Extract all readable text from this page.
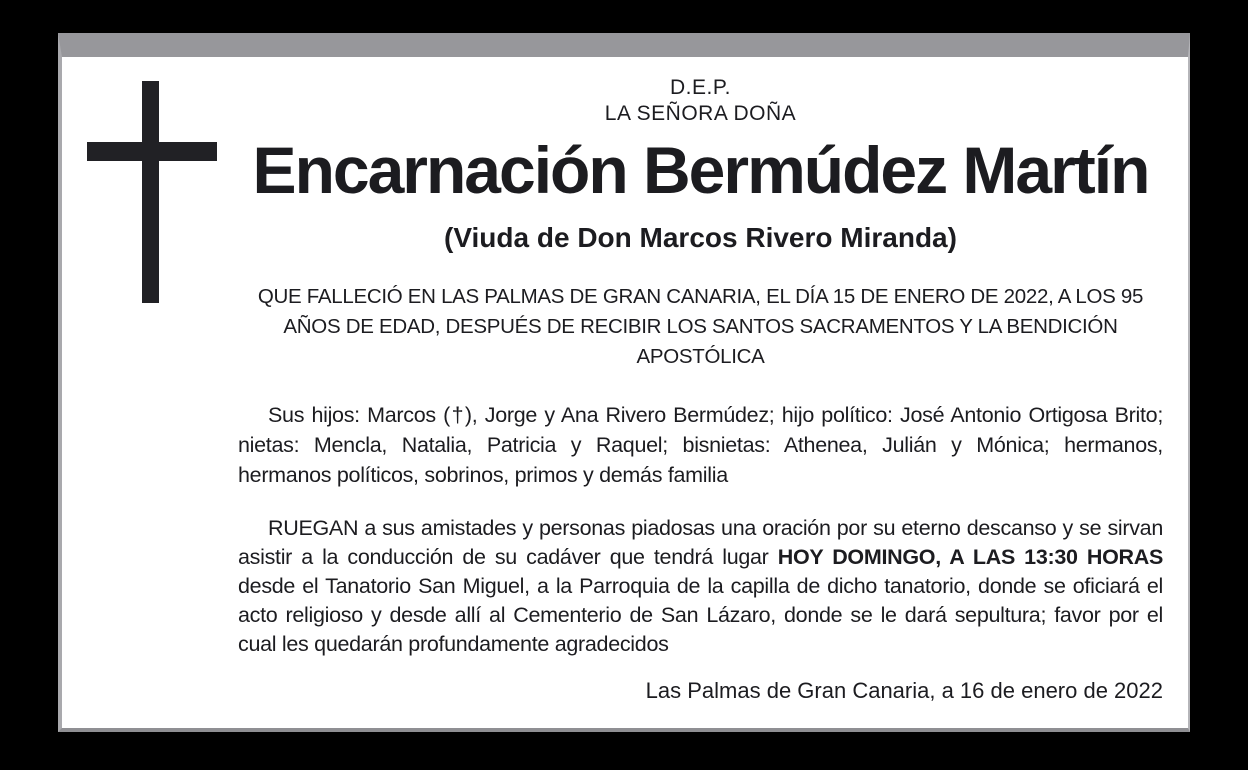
D.E.P.
LA SEÑORA DOÑA
Encarnación Bermúdez Martín
(Viuda de Don Marcos Rivero Miranda)

QUE FALLECIÓ EN LAS PALMAS DE GRAN CANARIA, EL DÍA 15 DE ENERO DE 2022, A LOS 95 AÑOS DE EDAD, DESPUÉS DE RECIBIR LOS SANTOS SACRAMENTOS Y LA BENDICIÓN APOSTÓLICA

Sus hijos: Marcos (†), Jorge y Ana Rivero Bermúdez; hijo político: José Antonio Ortigosa Brito; nietas: Mencla, Natalia, Patricia y Raquel; bisnietas: Athenea, Julián y Mónica; hermanos, hermanos políticos, sobrinos, primos y demás familia

RUEGAN a sus amistades y personas piadosas una oración por su eterno descanso y se sirvan asistir a la conducción de su cadáver que tendrá lugar HOY DOMINGO, A LAS 13:30 HORAS desde el Tanatorio San Miguel, a la Parroquia de la capilla de dicho tanatorio, donde se oficiará el acto religioso y desde allí al Cementerio de San Lázaro, donde se le dará sepultura; favor por el cual les quedarán profundamente agradecidos

Las Palmas de Gran Canaria, a 16 de enero de 2022
